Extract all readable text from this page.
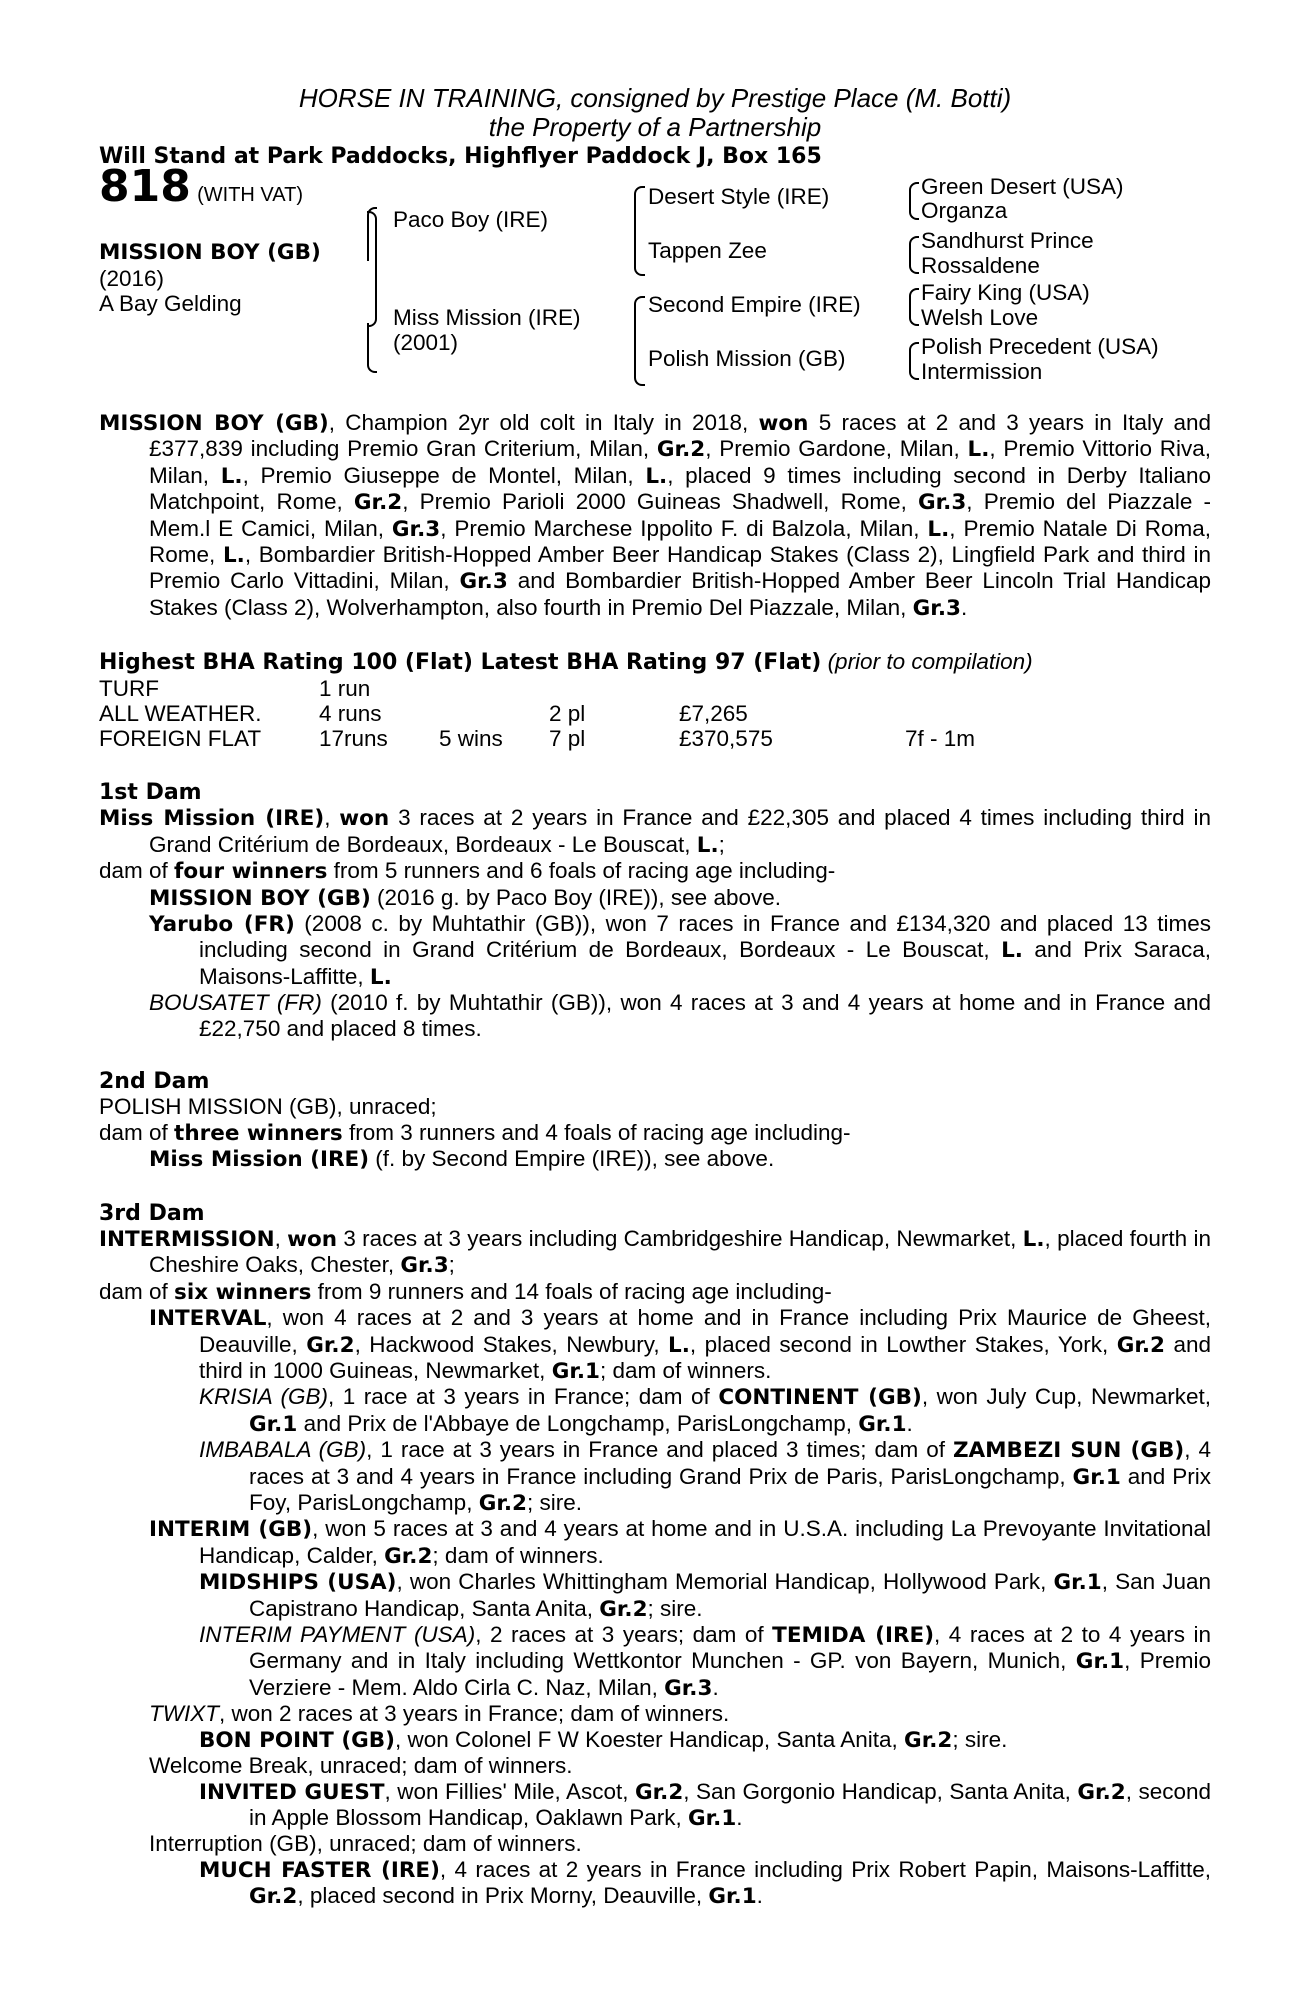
HORSE IN TRAINING, consigned by Prestige Place (M. Botti)
the Property of a Partnership
Will Stand at Park Paddocks, Highflyer Paddock J, Box 165
818 (WITH VAT)
MISSION BOY (GB)
(2016)
A Bay Gelding
Paco Boy (IRE)
Miss Mission (IRE)
(2001)
Desert Style (IRE)
Tappen Zee
Second Empire (IRE)
Polish Mission (GB)
Green Desert (USA)
Organza
Sandhurst Prince
Rossaldene
Fairy King (USA)
Welsh Love
Polish Precedent (USA)
Intermission
MISSION BOY (GB), Champion 2yr old colt in Italy in 2018, won 5 races at 2 and 3 years in Italy and £377,839 including Premio Gran Criterium, Milan, Gr.2, Premio Gardone, Milan, L., Premio Vittorio Riva, Milan, L., Premio Giuseppe de Montel, Milan, L., placed 9 times including second in Derby Italiano Matchpoint, Rome, Gr.2, Premio Parioli 2000 Guineas Shadwell, Rome, Gr.3, Premio del Piazzale - Mem.l E Camici, Milan, Gr.3, Premio Marchese Ippolito F. di Balzola, Milan, L., Premio Natale Di Roma, Rome, L., Bombardier British-Hopped Amber Beer Handicap Stakes (Class 2), Lingfield Park and third in Premio Carlo Vittadini, Milan, Gr.3 and Bombardier British-Hopped Amber Beer Lincoln Trial Handicap Stakes (Class 2), Wolverhampton, also fourth in Premio Del Piazzale, Milan, Gr.3.
Highest BHA Rating 100 (Flat) Latest BHA Rating 97 (Flat) (prior to compilation)
TURF	1 run				
ALL WEATHER.	4 runs		2 pl	£7,265	
FOREIGN FLAT	17runs	5 wins	7 pl	£370,575	7f - 1m
1st Dam
Miss Mission (IRE), won 3 races at 2 years in France and £22,305 and placed 4 times including third in Grand Critérium de Bordeaux, Bordeaux - Le Bouscat, L.;
dam of four winners from 5 runners and 6 foals of racing age including-
MISSION BOY (GB) (2016 g. by Paco Boy (IRE)), see above.
Yarubo (FR) (2008 c. by Muhtathir (GB)), won 7 races in France and £134,320 and placed 13 times including second in Grand Critérium de Bordeaux, Bordeaux - Le Bouscat, L. and Prix Saraca, Maisons-Laffitte, L.
BOUSATET (FR) (2010 f. by Muhtathir (GB)), won 4 races at 3 and 4 years at home and in France and £22,750 and placed 8 times.
2nd Dam
POLISH MISSION (GB), unraced;
dam of three winners from 3 runners and 4 foals of racing age including-
Miss Mission (IRE) (f. by Second Empire (IRE)), see above.
3rd Dam
INTERMISSION, won 3 races at 3 years including Cambridgeshire Handicap, Newmarket, L., placed fourth in Cheshire Oaks, Chester, Gr.3;
dam of six winners from 9 runners and 14 foals of racing age including-
INTERVAL, won 4 races at 2 and 3 years at home and in France including Prix Maurice de Gheest, Deauville, Gr.2, Hackwood Stakes, Newbury, L., placed second in Lowther Stakes, York, Gr.2 and third in 1000 Guineas, Newmarket, Gr.1; dam of winners.
KRISIA (GB), 1 race at 3 years in France; dam of CONTINENT (GB), won July Cup, Newmarket, Gr.1 and Prix de l'Abbaye de Longchamp, ParisLongchamp, Gr.1.
IMBABALA (GB), 1 race at 3 years in France and placed 3 times; dam of ZAMBEZI SUN (GB), 4 races at 3 and 4 years in France including Grand Prix de Paris, ParisLongchamp, Gr.1 and Prix Foy, ParisLongchamp, Gr.2; sire.
INTERIM (GB), won 5 races at 3 and 4 years at home and in U.S.A. including La Prevoyante Invitational Handicap, Calder, Gr.2; dam of winners.
MIDSHIPS (USA), won Charles Whittingham Memorial Handicap, Hollywood Park, Gr.1, San Juan Capistrano Handicap, Santa Anita, Gr.2; sire.
INTERIM PAYMENT (USA), 2 races at 3 years; dam of TEMIDA (IRE), 4 races at 2 to 4 years in Germany and in Italy including Wettkontor Munchen - GP. von Bayern, Munich, Gr.1, Premio Verziere - Mem. Aldo Cirla C. Naz, Milan, Gr.3.
TWIXT, won 2 races at 3 years in France; dam of winners.
BON POINT (GB), won Colonel F W Koester Handicap, Santa Anita, Gr.2; sire.
Welcome Break, unraced; dam of winners.
INVITED GUEST, won Fillies' Mile, Ascot, Gr.2, San Gorgonio Handicap, Santa Anita, Gr.2, second in Apple Blossom Handicap, Oaklawn Park, Gr.1.
Interruption (GB), unraced; dam of winners.
MUCH FASTER (IRE), 4 races at 2 years in France including Prix Robert Papin, Maisons-Laffitte, Gr.2, placed second in Prix Morny, Deauville, Gr.1.
